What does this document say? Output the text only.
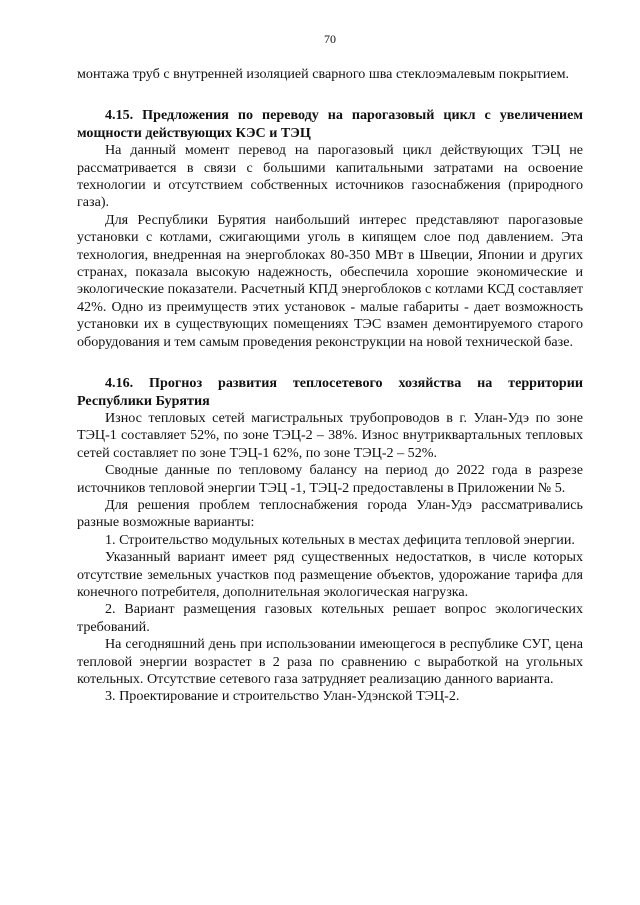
70

монтажа труб с внутренней изоляцией сварного шва стеклоэмалевым покрытием.

4.15. Предложения по переводу на парогазовый цикл с увеличением мощности действующих КЭС и ТЭЦ

На данный момент перевод на парогазовый цикл действующих ТЭЦ не рассматривается в связи с большими капитальными затратами на освоение технологии и отсутствием собственных источников газоснабжения (природного газа).

Для Республики Бурятия наибольший интерес представляют парогазовые установки с котлами, сжигающими уголь в кипящем слое под давлением. Эта технология, внедренная на энергоблоках 80-350 МВт в Швеции, Японии и других странах, показала высокую надежность, обеспечила хорошие экономические и экологические показатели. Расчетный КПД энергоблоков с котлами КСД составляет 42%. Одно из преимуществ этих установок - малые габариты - дает возможность установки их в существующих помещениях ТЭС взамен демонтируемого старого оборудования и тем самым проведения реконструкции на новой технической базе.

4.16. Прогноз развития теплосетевого хозяйства на территории Республики Бурятия

Износ тепловых сетей магистральных трубопроводов в г. Улан-Удэ по зоне ТЭЦ-1 составляет 52%, по зоне ТЭЦ-2 – 38%. Износ внутриквартальных тепловых сетей составляет по зоне ТЭЦ-1 62%, по зоне ТЭЦ-2 – 52%.

Сводные данные по тепловому балансу на период до 2022 года в разрезе источников тепловой энергии ТЭЦ -1, ТЭЦ-2 предоставлены в Приложении № 5.

Для решения проблем теплоснабжения города Улан-Удэ рассматривались разные возможные варианты:

1. Строительство модульных котельных в местах дефицита тепловой энергии.

Указанный вариант имеет ряд существенных недостатков, в числе которых отсутствие земельных участков под размещение объектов, удорожание тарифа для конечного потребителя, дополнительная экологическая нагрузка.

2. Вариант размещения газовых котельных решает вопрос экологических требований.

На сегодняшний день при использовании имеющегося в республике СУГ, цена тепловой энергии возрастет в 2 раза по сравнению с выработкой на угольных котельных. Отсутствие сетевого газа затрудняет реализацию данного варианта.

3. Проектирование и строительство Улан-Удэнской ТЭЦ-2.
